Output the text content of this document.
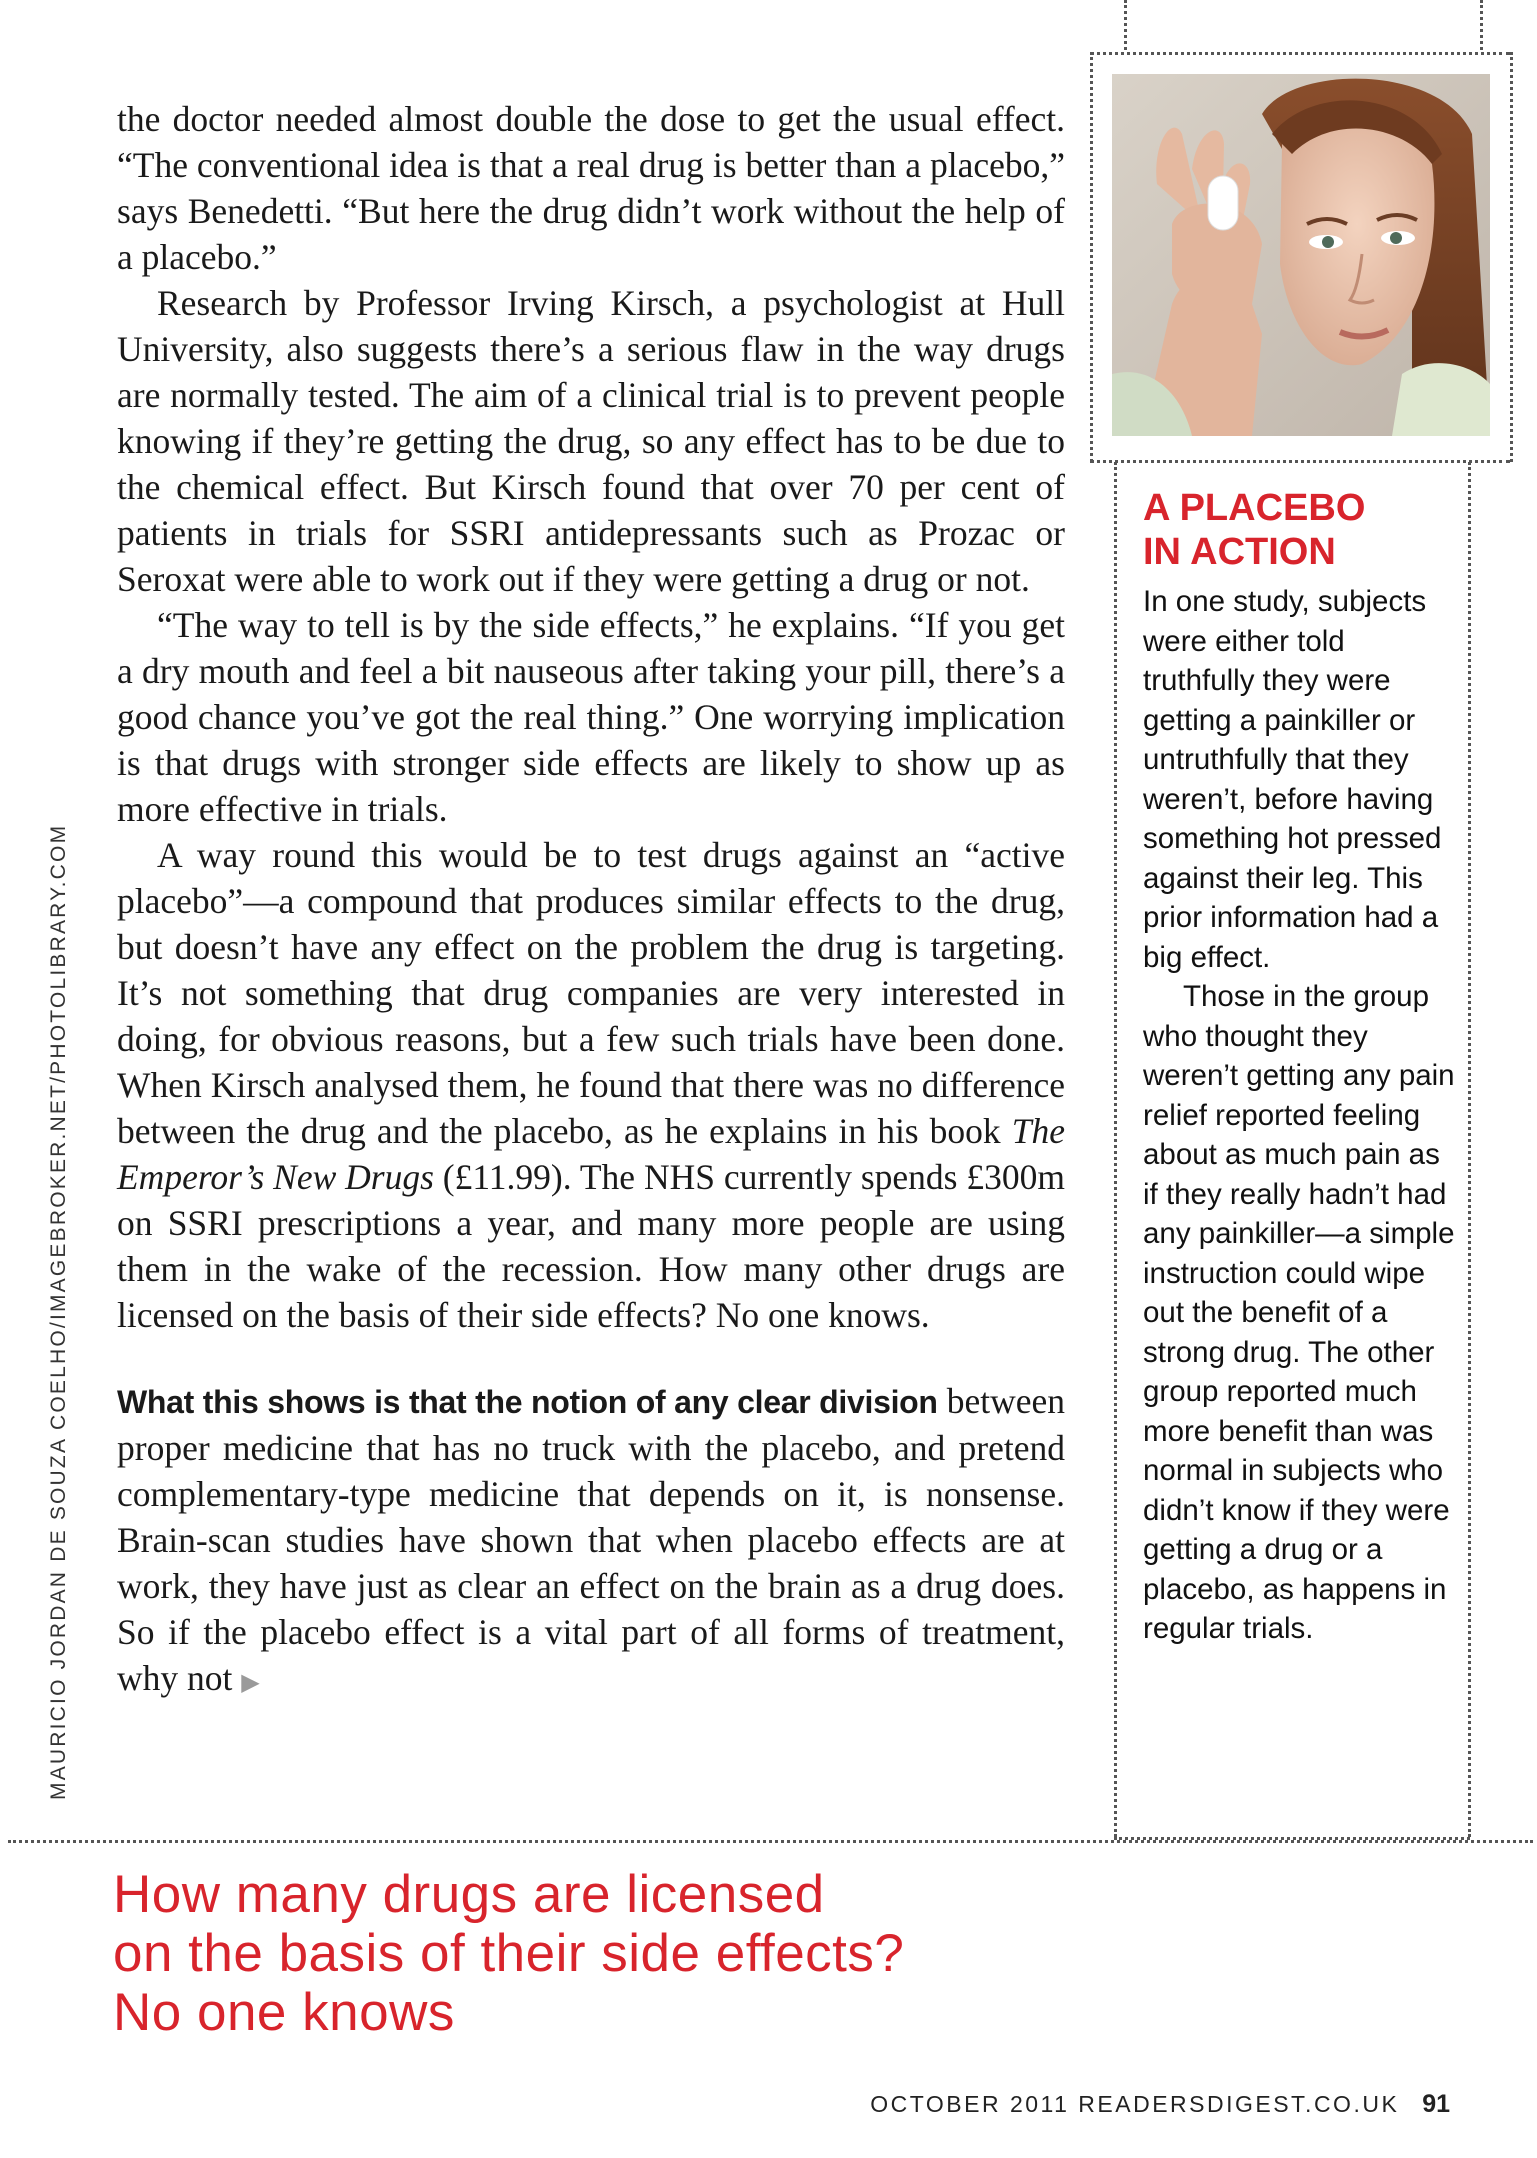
MAURICIO JORDAN DE SOUZA COELHO/IMAGEBROKER.NET/PHOTOLIBRARY.COM

the doctor needed almost double the dose to get the usual effect. “The conventional idea is that a real drug is better than a placebo,” says Benedetti. “But here the drug didn’t work without the help of a placebo.”

Research by Professor Irving Kirsch, a psychologist at Hull University, also suggests there’s a serious flaw in the way drugs are normally tested. The aim of a clinical trial is to prevent people knowing if they’re getting the drug, so any effect has to be due to the chemical effect. But Kirsch found that over 70 per cent of patients in trials for SSRI antidepressants such as Prozac or Seroxat were able to work out if they were getting a drug or not.

“The way to tell is by the side effects,” he explains. “If you get a dry mouth and feel a bit nauseous after taking your pill, there’s a good chance you’ve got the real thing.” One worrying implication is that drugs with stronger side effects are likely to show up as more effective in trials.

A way round this would be to test drugs against an “active placebo”—a compound that produces similar effects to the drug, but doesn’t have any effect on the problem the drug is targeting. It’s not something that drug companies are very interested in doing, for obvious reasons, but a few such trials have been done. When Kirsch analysed them, he found that there was no difference between the drug and the placebo, as he explains in his book The Emperor’s New Drugs (£11.99). The NHS currently spends £300m on SSRI prescriptions a year, and many more people are using them in the wake of the recession. How many other drugs are licensed on the basis of their side effects? No one knows.

What this shows is that the notion of any clear division between proper medicine that has no truck with the placebo, and pretend complementary-type medicine that depends on it, is nonsense. Brain-scan studies have shown that when placebo effects are at work, they have just as clear an effect on the brain as a drug does. So if the placebo effect is a vital part of all forms of treatment, why not ▶

A PLACEBO
IN ACTION

In one study, subjects were either told truthfully they were getting a painkiller or untruthfully that they weren’t, before having something hot pressed against their leg. This prior information had a big effect.

Those in the group who thought they weren’t getting any pain relief reported feeling about as much pain as if they really hadn’t had any painkiller—a simple instruction could wipe out the benefit of a strong drug. The other group reported much more benefit than was normal in subjects who didn’t know if they were getting a drug or a placebo, as happens in regular trials.

How many drugs are licensed
on the basis of their side effects?
No one knows
OCTOBER 2011 READERSDIGEST.CO.UK 91
